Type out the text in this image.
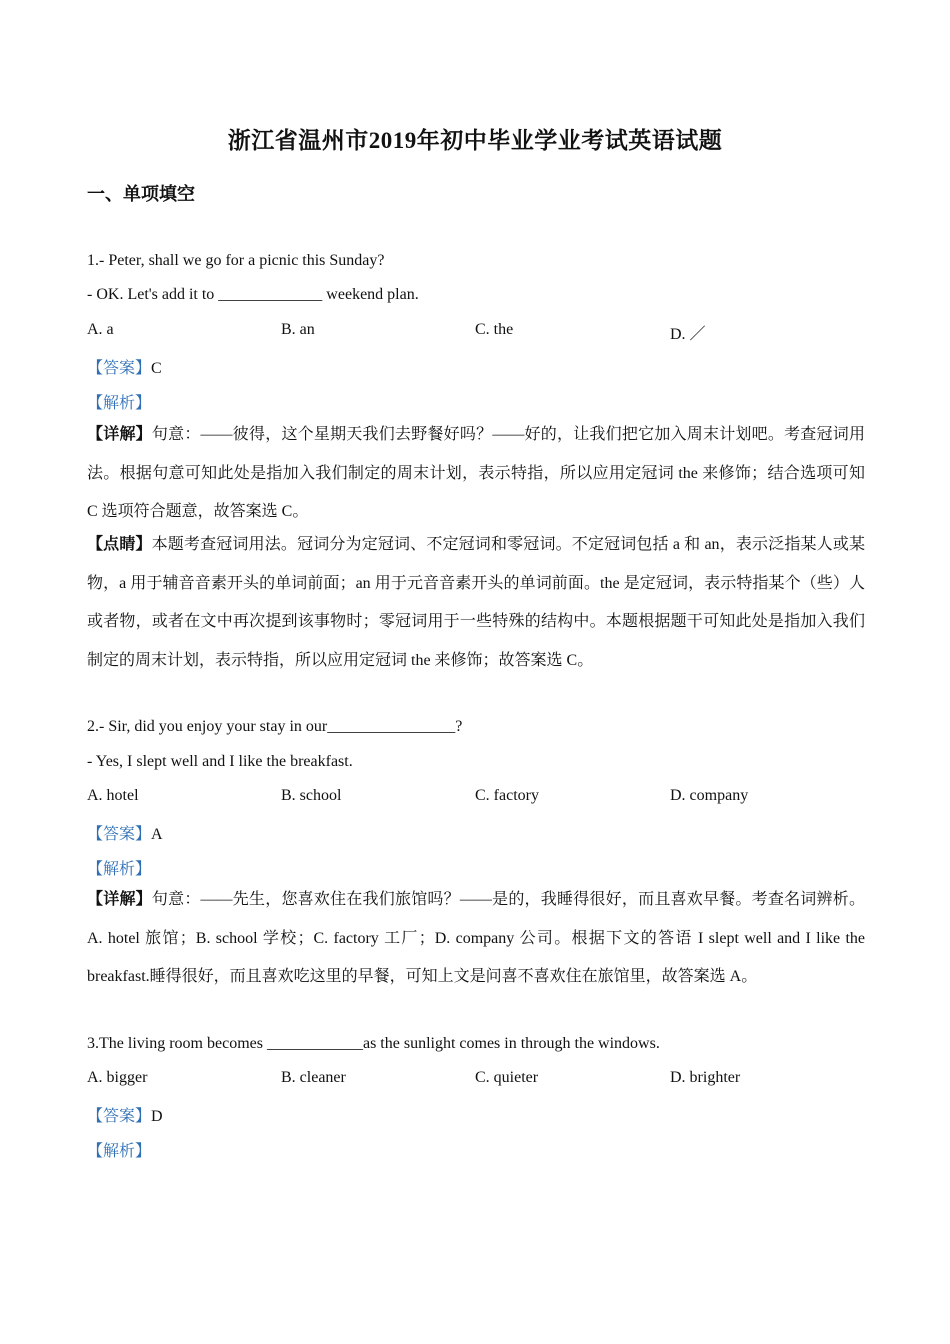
浙江省温州市2019年初中毕业学业考试英语试题
一、单项填空
1.- Peter, shall we go for a picnic this Sunday?
- OK. Let's add it to _____________ weekend plan.
A. a	B. an	C. the	D. ／
【答案】C
【解析】
【详解】句意：——彼得，这个星期天我们去野餐好吗？——好的，让我们把它加入周末计划吧。考查冠词用法。根据句意可知此处是指加入我们制定的周末计划，表示特指，所以应用定冠词 the 来修饰；结合选项可知 C 选项符合题意，故答案选 C。
【点睛】本题考查冠词用法。冠词分为定冠词、不定冠词和零冠词。不定冠词包括 a 和 an，表示泛指某人或某物，a 用于辅音音素开头的单词前面；an 用于元音音素开头的单词前面。the 是定冠词，表示特指某个（些）人或者物，或者在文中再次提到该事物时；零冠词用于一些特殊的结构中。本题根据题干可知此处是指加入我们制定的周末计划，表示特指，所以应用定冠词 the 来修饰；故答案选 C。
2.- Sir, did you enjoy your stay in our________________?
- Yes, I slept well and I like the breakfast.
A. hotel	B. school	C. factory	D. company
【答案】A
【解析】
【详解】句意：——先生，您喜欢住在我们旅馆吗？——是的，我睡得很好，而且喜欢早餐。考查名词辨析。A. hotel 旅馆；B. school 学校；C. factory 工厂；D. company 公司。根据下文的答语 I slept well and I like the breakfast.睡得很好，而且喜欢吃这里的早餐，可知上文是问喜不喜欢住在旅馆里，故答案选 A。
3.The living room becomes ____________as the sunlight comes in through the windows.
A. bigger	B. cleaner	C. quieter	D. brighter
【答案】D
【解析】
